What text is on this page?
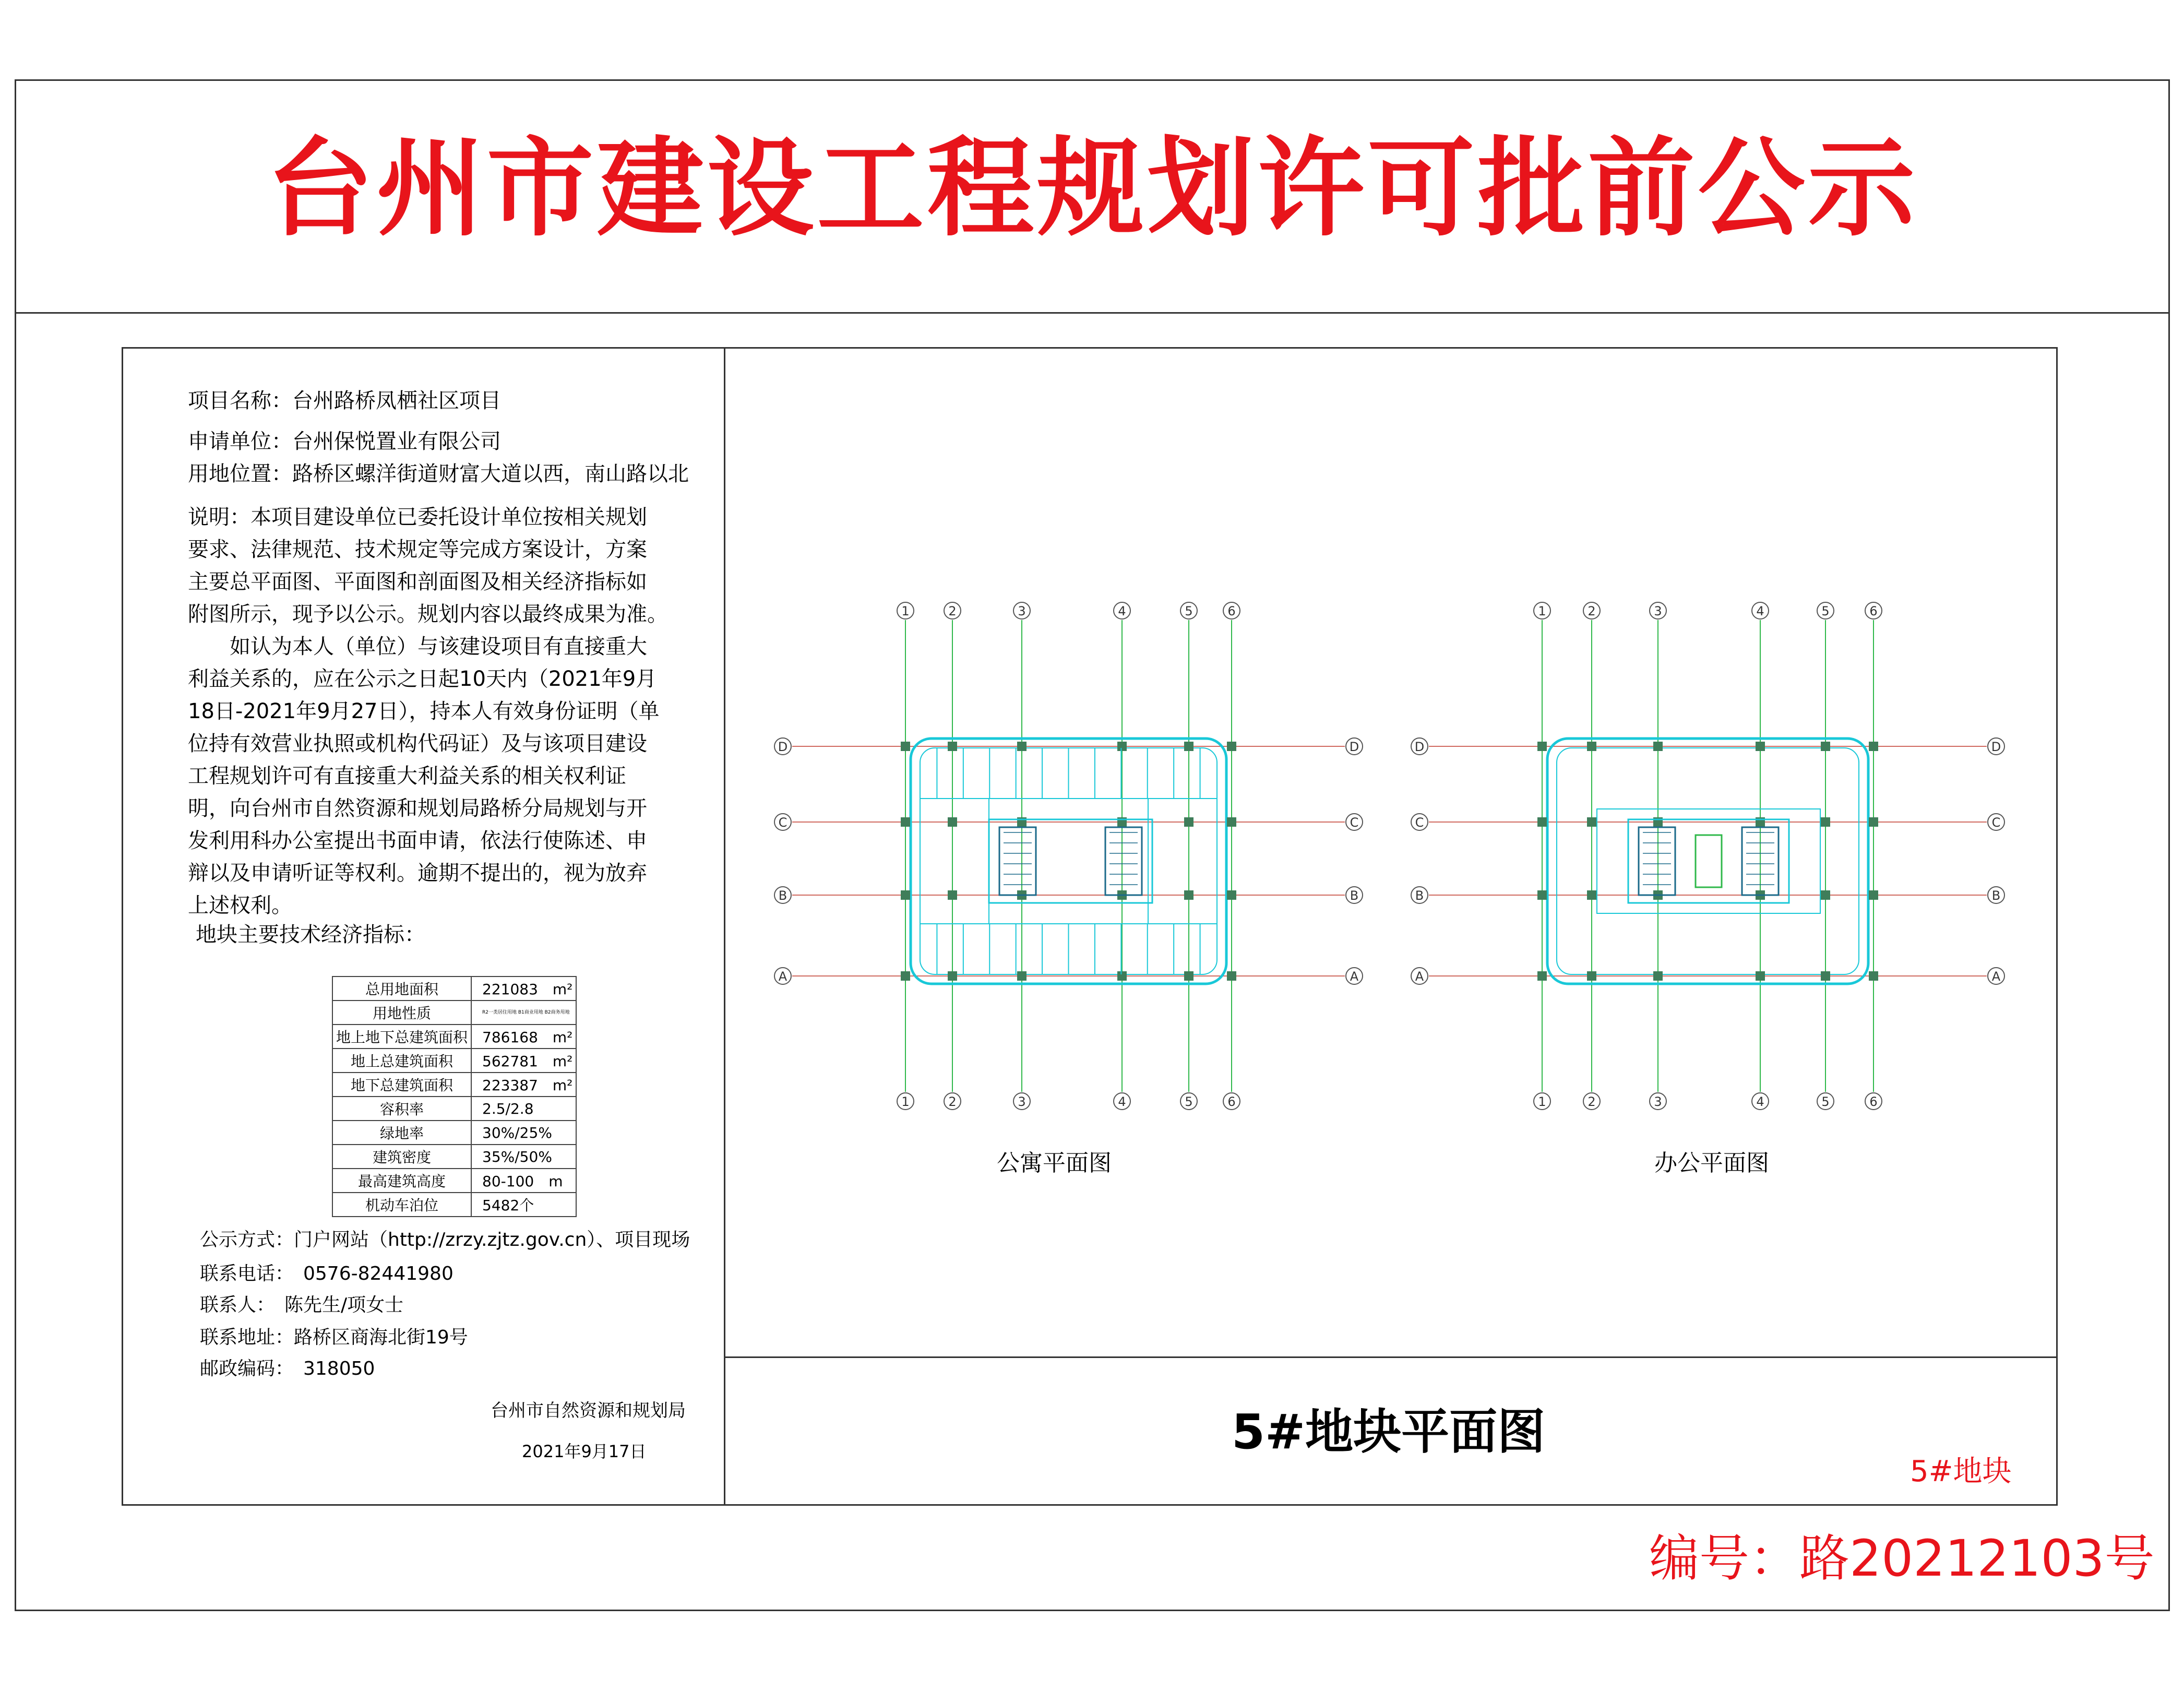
台州市建设工程规划许可批前公示
项目名称：台州路桥凤栖社区项目
申请单位：台州保悦置业有限公司
用地位置：路桥区螺洋街道财富大道以西，南山路以北
说明：本项目建设单位已委托设计单位按相关规划
要求、法律规范、技术规定等完成方案设计，方案
主要总平面图、平面图和剖面图及相关经济指标如
附图所示，现予以公示。规划内容以最终成果为准。
　　如认为本人（单位）与该建设项目有直接重大
利益关系的，应在公示之日起10天内（2021年9月
18日-2021年9月27日），持本人有效身份证明（单
位持有效营业执照或机构代码证）及与该项目建设
工程规划许可有直接重大利益关系的相关权利证
明，向台州市自然资源和规划局路桥分局规划与开
发利用科办公室提出书面申请，依法行使陈述、申
辩以及申请听证等权利。逾期不提出的，视为放弃
上述权利。
地块主要技术经济指标：
总用地面积	221083　m²
用地性质	R2一类居住用地 B1商业用地 B2商务用地
地上地下总建筑面积	786168　m²
地上总建筑面积	562781　m²
地下总建筑面积	223387　m²
容积率	2.5/2.8
绿地率	30%/25%
建筑密度	35%/50%
最高建筑高度	80-100　m
机动车泊位	5482个
公示方式：门户网站（http://zrzy.zjtz.gov.cn）、项目现场
联系电话：　0576-82441980
联系人：　陈先生/项女士
联系地址：路桥区商海北街19号
邮政编码：　318050
台州市自然资源和规划局
2021年9月17日
1
1
2
2
3
3
4
4
5
5
6
6
D	D
C	C
B	B
A	A
1
1
2
2
3
3
4
4
5
5
6
6
D	D
C	C
B	B
A	A
公寓平面图	办公平面图
5#地块平面图
5#地块
编号：路20212103号
